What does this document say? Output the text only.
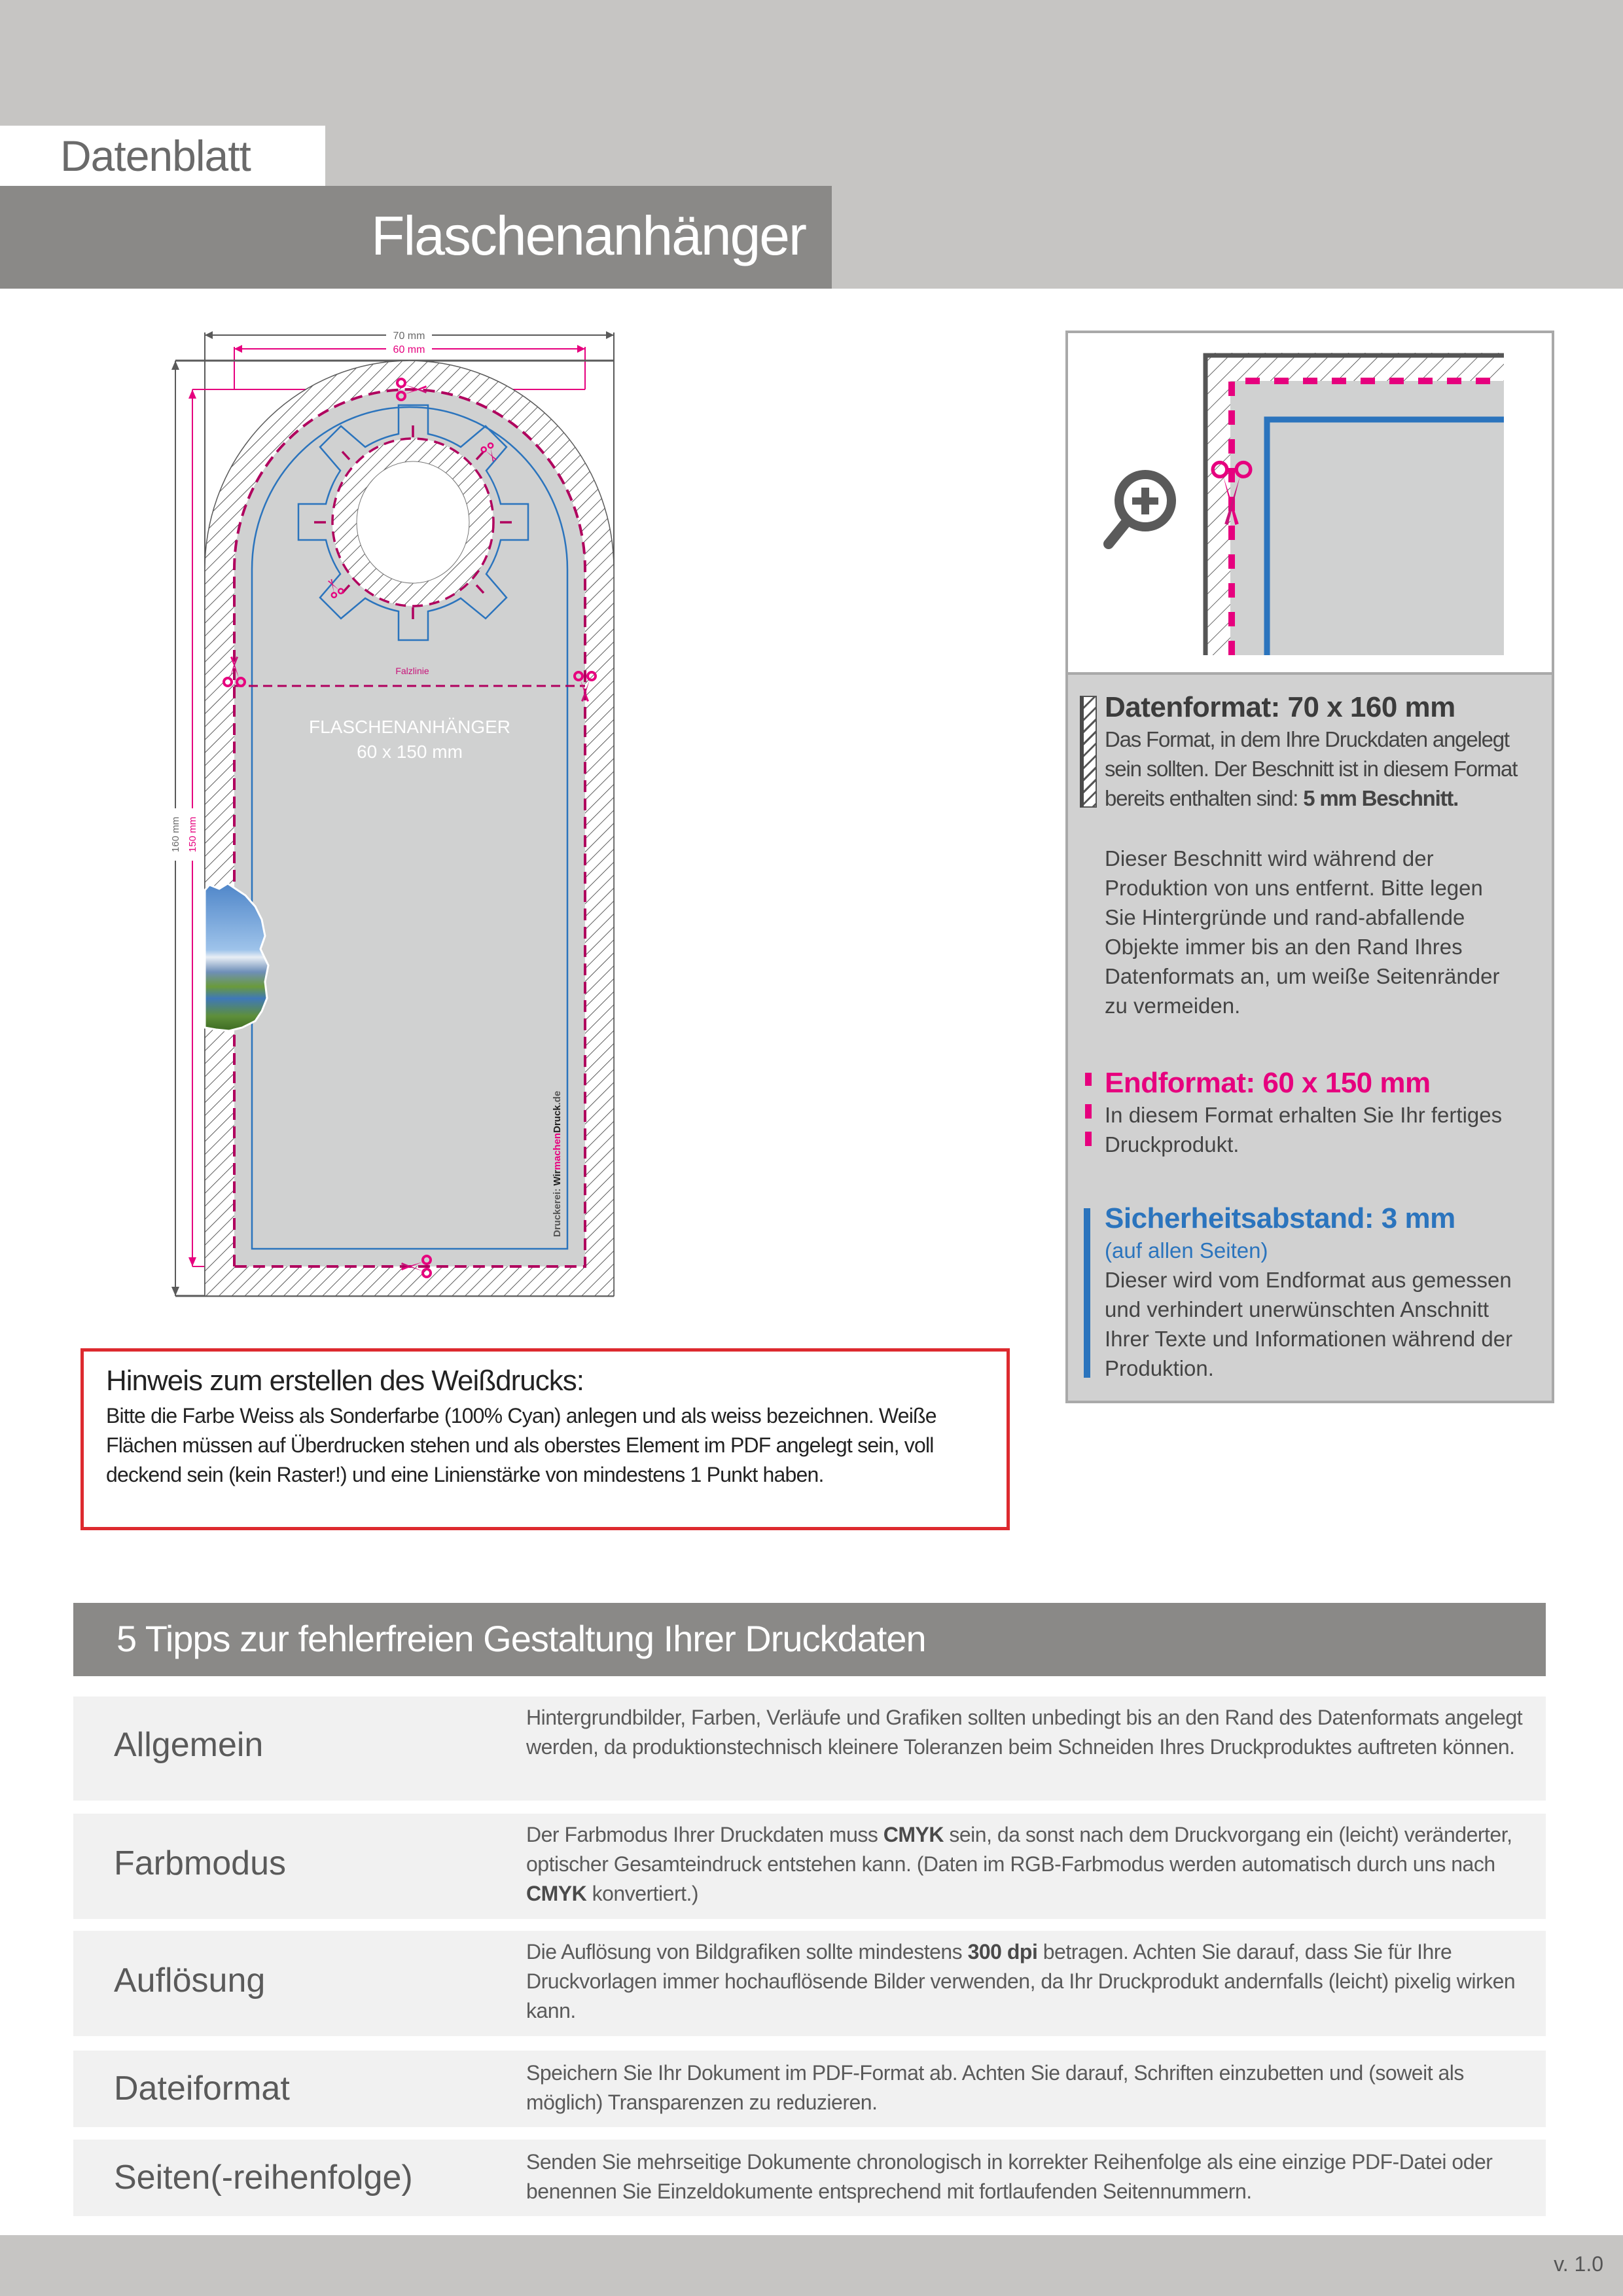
Datenblatt
Flaschenanhänger
70 mm
60 mm
160 mm 150 mm
Falzlinie
FLASCHENANHÄNGER
60 x 150 mm
Druckerei: WirmachenDruck.de
Datenformat: 70 x 160 mm
Das Format, in dem Ihre Druckdaten angelegt sein sollten. Der Beschnitt ist in diesem Format bereits enthalten sind: 5 mm Beschnitt.
Dieser Beschnitt wird während der Produktion von uns entfernt. Bitte legen Sie Hintergründe und rand-abfallende Objekte immer bis an den Rand Ihres Datenformats an, um weiße Seitenränder zu vermeiden.
Endformat: 60 x 150 mm
In diesem Format erhalten Sie Ihr fertiges Druckprodukt.
Sicherheitsabstand: 3 mm
(auf allen Seiten)
Dieser wird vom Endformat aus gemessen und verhindert unerwünschten Anschnitt Ihrer Texte und Informationen während der Produktion.
Hinweis zum erstellen des Weißdrucks:
Bitte die Farbe Weiss als Sonderfarbe (100% Cyan) anlegen und als weiss bezeichnen. Weiße Flächen müssen auf Überdrucken stehen und als oberstes Element im PDF angelegt sein, voll deckend sein (kein Raster!) und eine Linienstärke von mindestens 1 Punkt haben.
5 Tipps zur fehlerfreien Gestaltung Ihrer Druckdaten
Allgemein
Hintergrundbilder, Farben, Verläufe und Grafiken sollten unbedingt bis an den Rand des Datenformats angelegt werden, da produktionstechnisch kleinere Toleranzen beim Schneiden Ihres Druckproduktes auftreten können.
Farbmodus
Der Farbmodus Ihrer Druckdaten muss CMYK sein, da sonst nach dem Druckvorgang ein (leicht) veränderter, optischer Gesamteindruck entstehen kann. (Daten im RGB-Farbmodus werden automatisch durch uns nach CMYK konvertiert.)
Auflösung
Die Auflösung von Bildgrafiken sollte mindestens 300 dpi betragen. Achten Sie darauf, dass Sie für Ihre Druckvorlagen immer hochauflösende Bilder verwenden, da Ihr Druckprodukt andernfalls (leicht) pixelig wirken kann.
Dateiformat	Speichern Sie Ihr Dokument im PDF-Format ab. Achten Sie darauf, Schriften einzubetten und (soweit als möglich) Transparenzen zu reduzieren.
Seiten(-reihenfolge)	Senden Sie mehrseitige Dokumente chronologisch in korrekter Reihenfolge als eine einzige PDF-Datei oder benennen Sie Einzeldokumente entsprechend mit fortlaufenden Seitennummern.
v. 1.0
